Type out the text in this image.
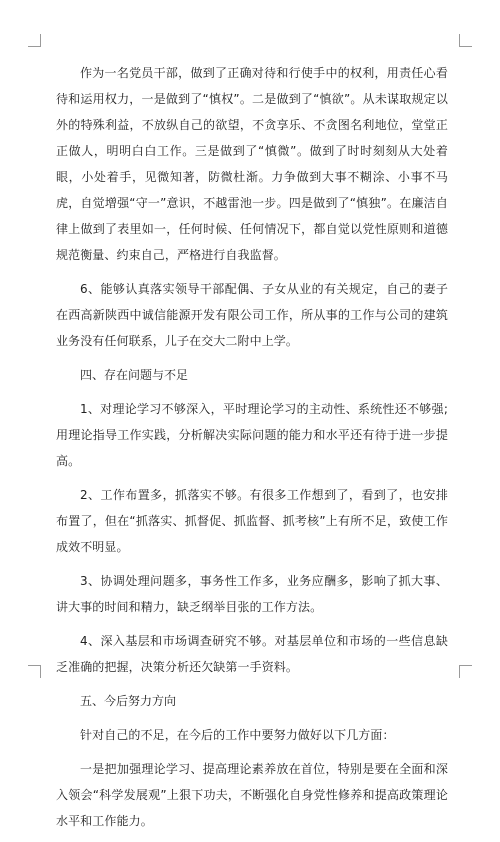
作为一名党员干部，做到了正确对待和行使手中的权利，用责任心看待和运用权力，一是做到了“慎权”。二是做到了“慎欲”。从未谋取规定以外的特殊利益，不放纵自己的欲望，不贪享乐、不贪图名利地位，堂堂正正做人，明明白白工作。三是做到了“慎微”。做到了时时刻刻从大处着眼，小处着手，见微知著，防微杜渐。力争做到大事不糊涂、小事不马虎，自觉增强“守一”意识，不越雷池一步。四是做到了“慎独”。在廉洁自律上做到了表里如一，任何时候、任何情况下，都自觉以党性原则和道德规范衡量、约束自己，严格进行自我监督。

6、能够认真落实领导干部配偶、子女从业的有关规定，自己的妻子在西高新陕西中诚信能源开发有限公司工作，所从事的工作与公司的建筑业务没有任何联系，儿子在交大二附中上学。

四、存在问题与不足

1、对理论学习不够深入，平时理论学习的主动性、系统性还不够强;用理论指导工作实践，分析解决实际问题的能力和水平还有待于进一步提高。

2、工作布置多，抓落实不够。有很多工作想到了，看到了，也安排布置了，但在“抓落实、抓督促、抓监督、抓考核”上有所不足，致使工作成效不明显。

3、协调处理问题多，事务性工作多，业务应酬多，影响了抓大事、讲大事的时间和精力，缺乏纲举目张的工作方法。

4、深入基层和市场调查研究不够。对基层单位和市场的一些信息缺乏准确的把握，决策分析还欠缺第一手资料。

五、今后努力方向

针对自己的不足，在今后的工作中要努力做好以下几方面：

一是把加强理论学习、提高理论素养放在首位，特别是要在全面和深入领会“科学发展观”上狠下功夫，不断强化自身党性修养和提高政策理论水平和工作能力。
